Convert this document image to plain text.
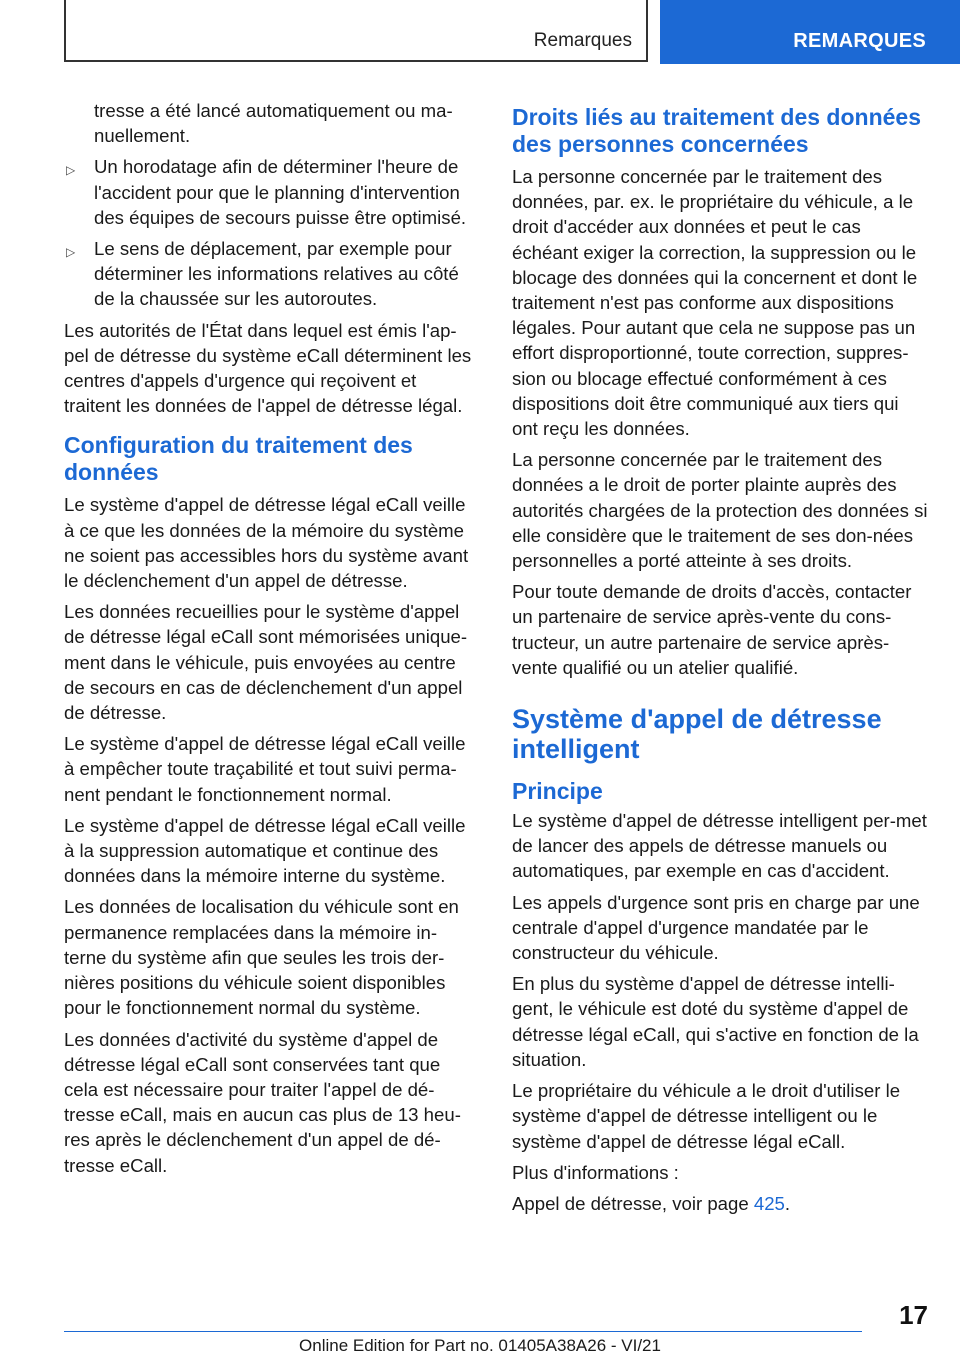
Remarques	REMARQUES

tresse a été lancé automatiquement ou ma-nuellement.

▷ Un horodatage afin de déterminer l'heure de l'accident pour que le planning d'intervention des équipes de secours puisse être optimisé.
▷ Le sens de déplacement, par exemple pour déterminer les informations relatives au côté de la chaussée sur les autoroutes.

Les autorités de l'État dans lequel est émis l'ap-pel de détresse du système eCall déterminent les centres d'appels d'urgence qui reçoivent et traitent les données de l'appel de détresse légal.

Configuration du traitement des données

Le système d'appel de détresse légal eCall veille à ce que les données de la mémoire du système ne soient pas accessibles hors du système avant le déclenchement d'un appel de détresse.

Les données recueillies pour le système d'appel de détresse légal eCall sont mémorisées unique-ment dans le véhicule, puis envoyées au centre de secours en cas de déclenchement d'un appel de détresse.

Le système d'appel de détresse légal eCall veille à empêcher toute traçabilité et tout suivi perma-nent pendant le fonctionnement normal.

Le système d'appel de détresse légal eCall veille à la suppression automatique et continue des données dans la mémoire interne du système.

Les données de localisation du véhicule sont en permanence remplacées dans la mémoire in-terne du système afin que seules les trois der-nières positions du véhicule soient disponibles pour le fonctionnement normal du système.

Les données d'activité du système d'appel de détresse légal eCall sont conservées tant que cela est nécessaire pour traiter l'appel de dé-tresse eCall, mais en aucun cas plus de 13 heu-res après le déclenchement d'un appel de dé-tresse eCall.

Droits liés au traitement des données des personnes concernées

La personne concernée par le traitement des données, par. ex. le propriétaire du véhicule, a le droit d'accéder aux données et peut le cas échéant exiger la correction, la suppression ou le blocage des données qui la concernent et dont le traitement n'est pas conforme aux dispositions légales. Pour autant que cela ne suppose pas un effort disproportionné, toute correction, suppres-sion ou blocage effectué conformément à ces dispositions doit être communiqué aux tiers qui ont reçu les données.

La personne concernée par le traitement des données a le droit de porter plainte auprès des autorités chargées de la protection des données si elle considère que le traitement de ses don-nées personnelles a porté atteinte à ses droits.

Pour toute demande de droits d'accès, contacter un partenaire de service après-vente du cons-tructeur, un autre partenaire de service après-vente qualifié ou un atelier qualifié.

Système d'appel de détresse intelligent
Principe

Le système d'appel de détresse intelligent per-met de lancer des appels de détresse manuels ou automatiques, par exemple en cas d'accident.

Les appels d'urgence sont pris en charge par une centrale d'appel d'urgence mandatée par le constructeur du véhicule.

En plus du système d'appel de détresse intelli-gent, le véhicule est doté du système d'appel de détresse légal eCall, qui s'active en fonction de la situation.

Le propriétaire du véhicule a le droit d'utiliser le système d'appel de détresse intelligent ou le système d'appel de détresse légal eCall.

Plus d'informations :

Appel de détresse, voir page 425.

17
Online Edition for Part no. 01405A38A26 - VI/21
